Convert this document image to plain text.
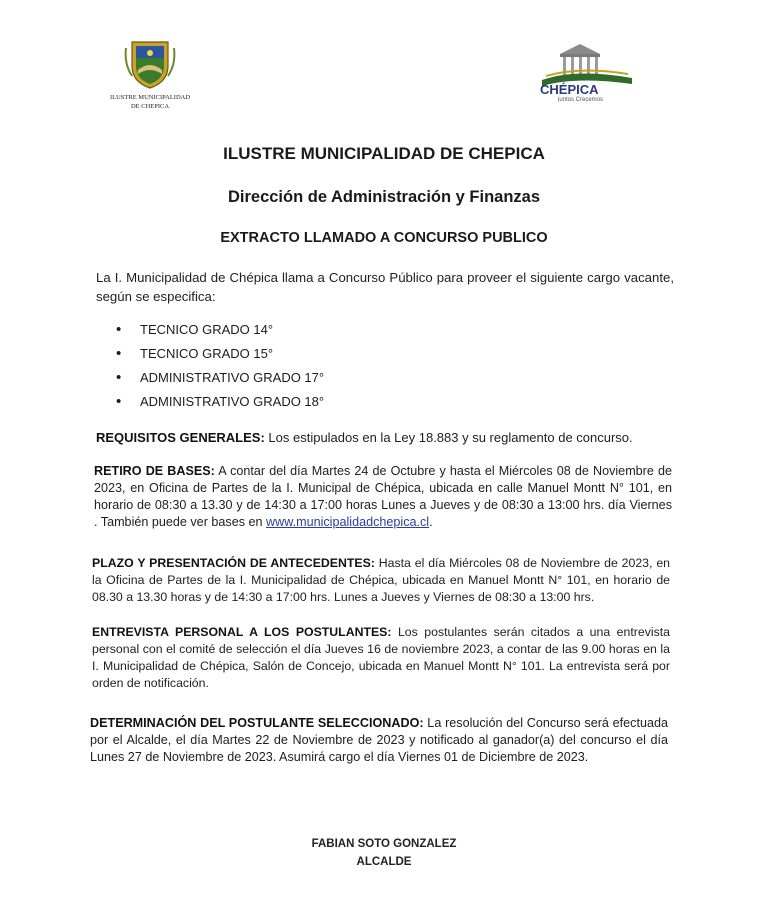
ILUSTRE MUNICIPALIDAD
DE CHEPICA
CHÉPICA
juntos Crecemos
ILUSTRE MUNICIPALIDAD DE CHEPICA
Dirección de Administración y Finanzas
EXTRACTO LLAMADO A CONCURSO PUBLICO
La I. Municipalidad de Chépica llama a Concurso Público para proveer el siguiente cargo vacante, según se especifica:
• TECNICO GRADO 14°
• TECNICO GRADO 15°
• ADMINISTRATIVO GRADO 17°
• ADMINISTRATIVO GRADO 18°
REQUISITOS GENERALES: Los estipulados en la Ley 18.883 y su reglamento de concurso.
RETIRO DE BASES: A contar del día Martes 24 de Octubre y hasta el Miércoles 08 de Noviembre de 2023, en Oficina de Partes de la I. Municipal de Chépica, ubicada en calle Manuel Montt N° 101, en horario de 08:30 a 13.30 y de 14:30 a 17:00 horas Lunes a Jueves y de 08:30 a 13:00 hrs. día Viernes . También puede ver bases en www.municipalidadchepica.cl.
PLAZO Y PRESENTACIÓN DE ANTECEDENTES: Hasta el día Miércoles 08 de Noviembre de 2023, en la Oficina de Partes de la I. Municipalidad de Chépica, ubicada en Manuel Montt N° 101, en horario de 08.30 a 13.30 horas y de 14:30 a 17:00 hrs. Lunes a Jueves y Viernes de 08:30 a 13:00 hrs.
ENTREVISTA PERSONAL A LOS POSTULANTES: Los postulantes serán citados a una entrevista personal con el comité de selección el día Jueves 16 de noviembre 2023, a contar de las 9.00 horas en la I. Municipalidad de Chépica, Salón de Concejo, ubicada en Manuel Montt N° 101. La entrevista será por orden de notificación.
DETERMINACIÓN DEL POSTULANTE SELECCIONADO: La resolución del Concurso será efectuada por el Alcalde, el día Martes 22 de Noviembre de 2023 y notificado al ganador(a) del concurso el día Lunes 27 de Noviembre de 2023. Asumirá cargo el día Viernes 01 de Diciembre de 2023.
FABIAN SOTO GONZALEZ
ALCALDE
